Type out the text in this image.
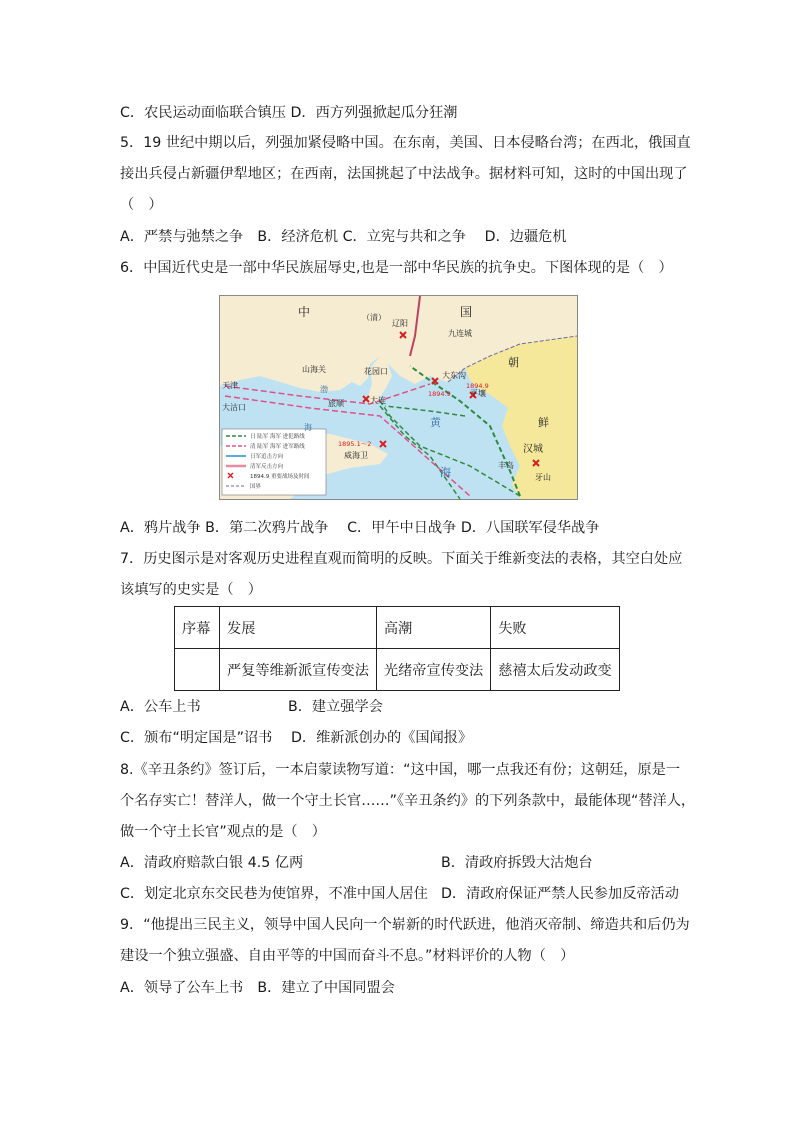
C．农民运动面临联合镇压 D．西方列强掀起瓜分狂潮
5．19 世纪中期以后，列强加紧侵略中国。在东南，美国、日本侵略台湾；在西北，俄国直
接出兵侵占新疆伊犁地区；在西南，法国挑起了中法战争。据材料可知，这时的中国出现了
（　）
A．严禁与弛禁之争　B．经济危机 C．立宪与共和之争　 D．边疆危机
6．中国近代史是一部中华民族屈辱史,也是一部中华民族的抗争史。下图体现的是（　）
日 陆军 海军 进犯路线
清 陆军 海军 进军路线
日军追击方向
清军反击方向
1894.9 重要战场及时间
国界
中	国
（清）
辽阳
九连城
山海关	花园口
天津
大沽口	旅顺	大连
大东沟
平壤
汉城
威海卫
丰岛
牙山
朝
鲜
渤
海	黄
海
1894.9
1894.9
1895.1～2
A．鸦片战争 B．第二次鸦片战争　 C．甲午中日战争 D．八国联军侵华战争
7．历史图示是对客观历史进程直观而简明的反映。下面关于维新变法的表格，其空白处应
该填写的史实是（　）
序幕	发展	高潮	失败
	严复等维新派宣传变法	光绪帝宣传变法	慈禧太后发动政变
A．公车上书	B．建立强学会
C．颁布“明定国是”诏书　 D．维新派创办的《国闻报》
8.《辛丑条约》签订后，一本启蒙读物写道：“这中国，哪一点我还有份；这朝廷，原是一
个名存实亡！替洋人，做一个守土长官……”《辛丑条约》的下列条款中，最能体现“替洋人，
做一个守土长官”观点的是（　）
A．清政府赔款白银 4.5 亿两	B．清政府拆毁大沽炮台
C．划定北京东交民巷为使馆界，不准中国人居住 D．清政府保证严禁人民参加反帝活动
9．“他提出三民主义，领导中国人民向一个崭新的时代跃进，他消灭帝制、缔造共和后仍为
建设一个独立强盛、自由平等的中国而奋斗不息。”材料评价的人物（　）
A．领导了公车上书　B．建立了中国同盟会
